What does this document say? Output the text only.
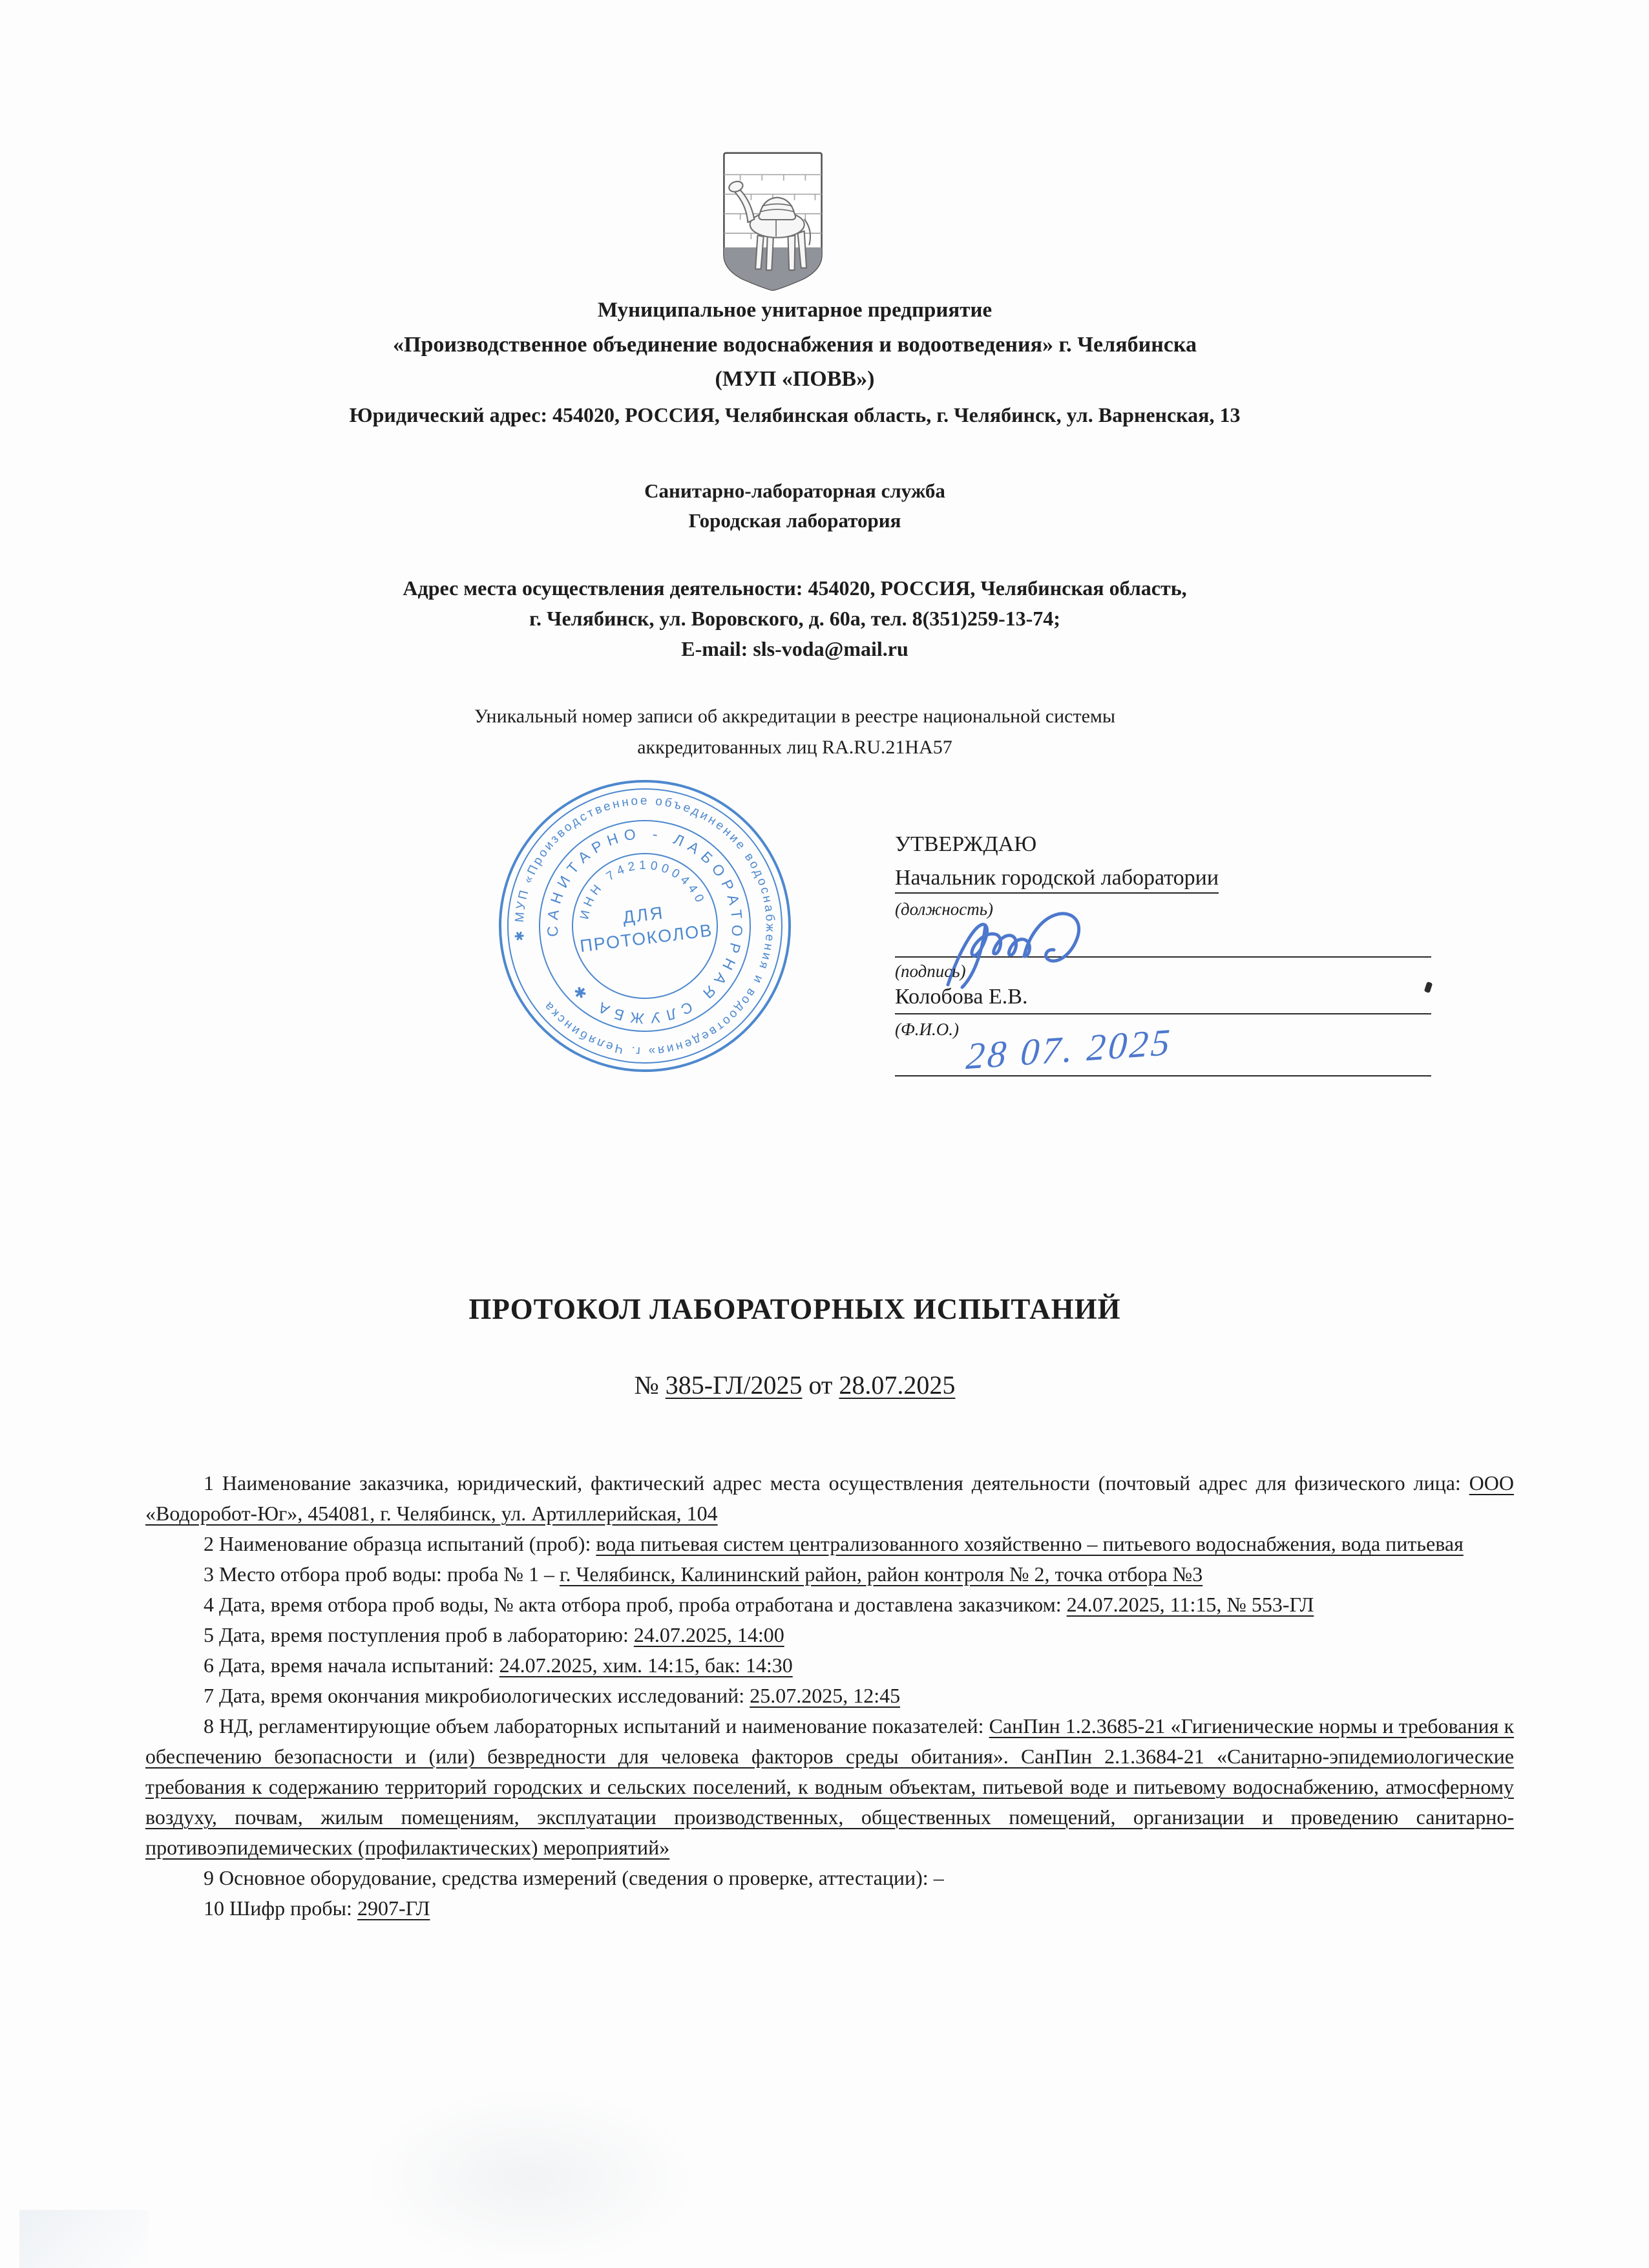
Муниципальное унитарное предприятие
«Производственное объединение водоснабжения и водоотведения» г. Челябинска
(МУП «ПОВВ»)
Юридический адрес: 454020, РОССИЯ, Челябинская область, г. Челябинск, ул. Варненская, 13
Санитарно-лабораторная служба
Городская лаборатория
Адрес места осуществления деятельности: 454020, РОССИЯ, Челябинская область,
г. Челябинск, ул. Воровского, д. 60а, тел. 8(351)259-13-74;
E-mail: sls-voda@mail.ru
Уникальный номер записи об аккредитации в реестре национальной системы
аккредитованных лиц RA.RU.21HA57
✱ МУП «Производственное объединение водоснабжения и водоотведения» г. Челябинска
САНИТАРНО - ЛАБОРАТОРНАЯ СЛУЖБА ✱
ИНН 7421000440
ДЛЯ
ПРОТОКОЛОВ
УТВЕРЖДАЮ
Начальник городской лаборатории
(должность)
(подпись)
Колобова Е.В.
(Ф.И.О.) 28 07. 2025
ПРОТОКОЛ ЛАБОРАТОРНЫХ ИСПЫТАНИЙ
№ 385-ГЛ/2025 от 28.07.2025

1 Наименование заказчика, юридический, фактический адрес места осуществления деятельности (почтовый адрес для физического лица: ООО «Водоробот-Юг», 454081, г. Челябинск, ул. Артиллерийская, 104

2 Наименование образца испытаний (проб): вода питьевая систем централизованного хозяйственно – питьевого водоснабжения, вода питьевая

3 Место отбора проб воды: проба № 1 – г. Челябинск, Калининский район, район контроля № 2, точка отбора №3

4 Дата, время отбора проб воды, № акта отбора проб, проба отработана и доставлена заказчиком: 24.07.2025, 11:15, № 553-ГЛ

5 Дата, время поступления проб в лабораторию: 24.07.2025, 14:00

6 Дата, время начала испытаний: 24.07.2025, хим. 14:15, бак: 14:30

7 Дата, время окончания микробиологических исследований: 25.07.2025, 12:45

8 НД, регламентирующие объем лабораторных испытаний и наименование показателей: СанПин 1.2.3685-21 «Гигиенические нормы и требования к обеспечению безопасности и (или) безвредности для человека факторов среды обитания». СанПин 2.1.3684-21 «Санитарно-эпидемиологические требования к содержанию территорий городских и сельских поселений, к водным объектам, питьевой воде и питьевому водоснабжению, атмосферному воздуху, почвам, жилым помещениям, эксплуатации производственных, общественных помещений, организации и проведению санитарно-противоэпидемических (профилактических) мероприятий»

9 Основное оборудование, средства измерений (сведения о проверке, аттестации): –

10 Шифр пробы: 2907-ГЛ
